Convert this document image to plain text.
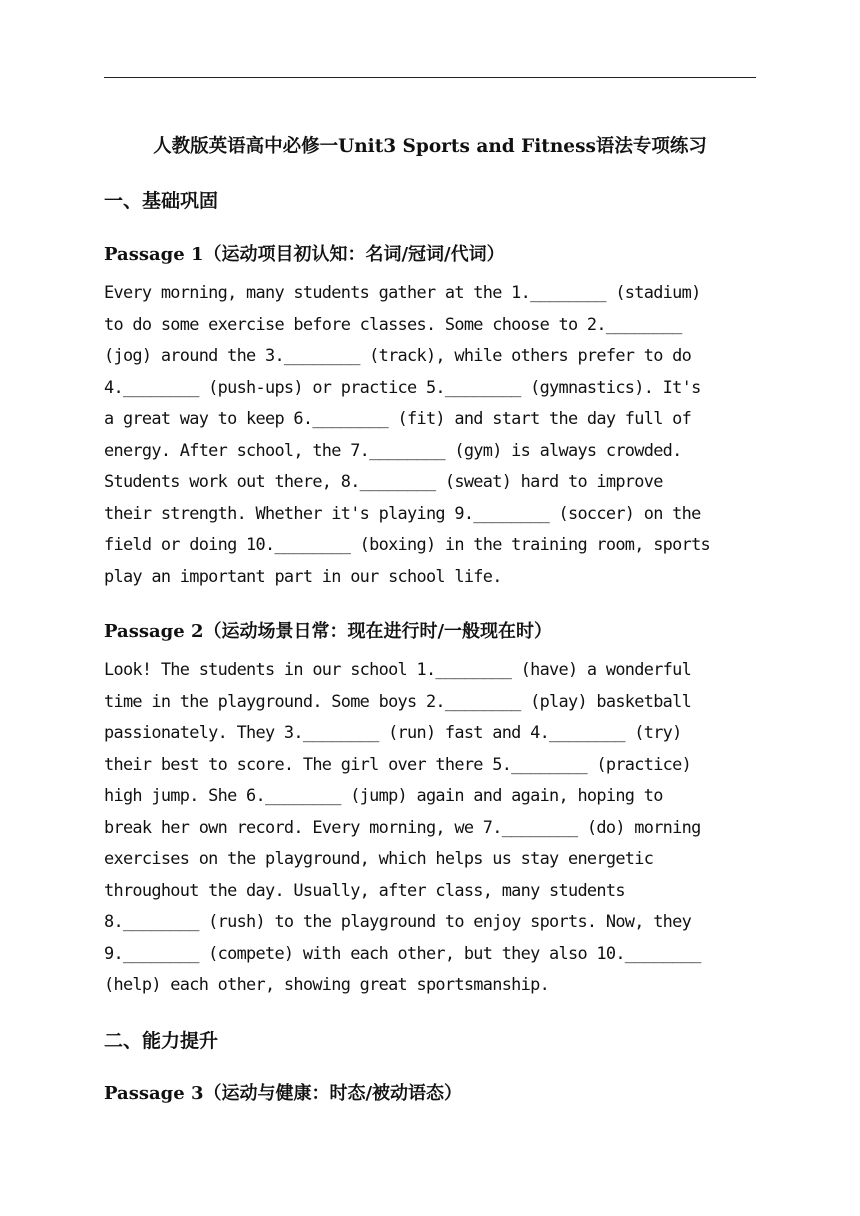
人教版英语高中必修一Unit3 Sports and Fitness语法专项练习
一、基础巩固
Passage 1（运动项目初认知：名词/冠词/代词）
Every morning, many students gather at the 1.________ (stadium)
to do some exercise before classes. Some choose to 2.________
(jog) around the 3.________ (track), while others prefer to do
4.________ (push-ups) or practice 5.________ (gymnastics). It's
a great way to keep 6.________ (fit) and start the day full of
energy. After school, the 7.________ (gym) is always crowded.
Students work out there, 8.________ (sweat) hard to improve
their strength. Whether it's playing 9.________ (soccer) on the
field or doing 10.________ (boxing) in the training room, sports
play an important part in our school life.
Passage 2（运动场景日常：现在进行时/一般现在时）
Look! The students in our school 1.________ (have) a wonderful
time in the playground. Some boys 2.________ (play) basketball
passionately. They 3.________ (run) fast and 4.________ (try)
their best to score. The girl over there 5.________ (practice)
high jump. She 6.________ (jump) again and again, hoping to
break her own record. Every morning, we 7.________ (do) morning
exercises on the playground, which helps us stay energetic
throughout the day. Usually, after class, many students
8.________ (rush) to the playground to enjoy sports. Now, they
9.________ (compete) with each other, but they also 10.________
(help) each other, showing great sportsmanship.
二、能力提升
Passage 3（运动与健康：时态/被动语态）
